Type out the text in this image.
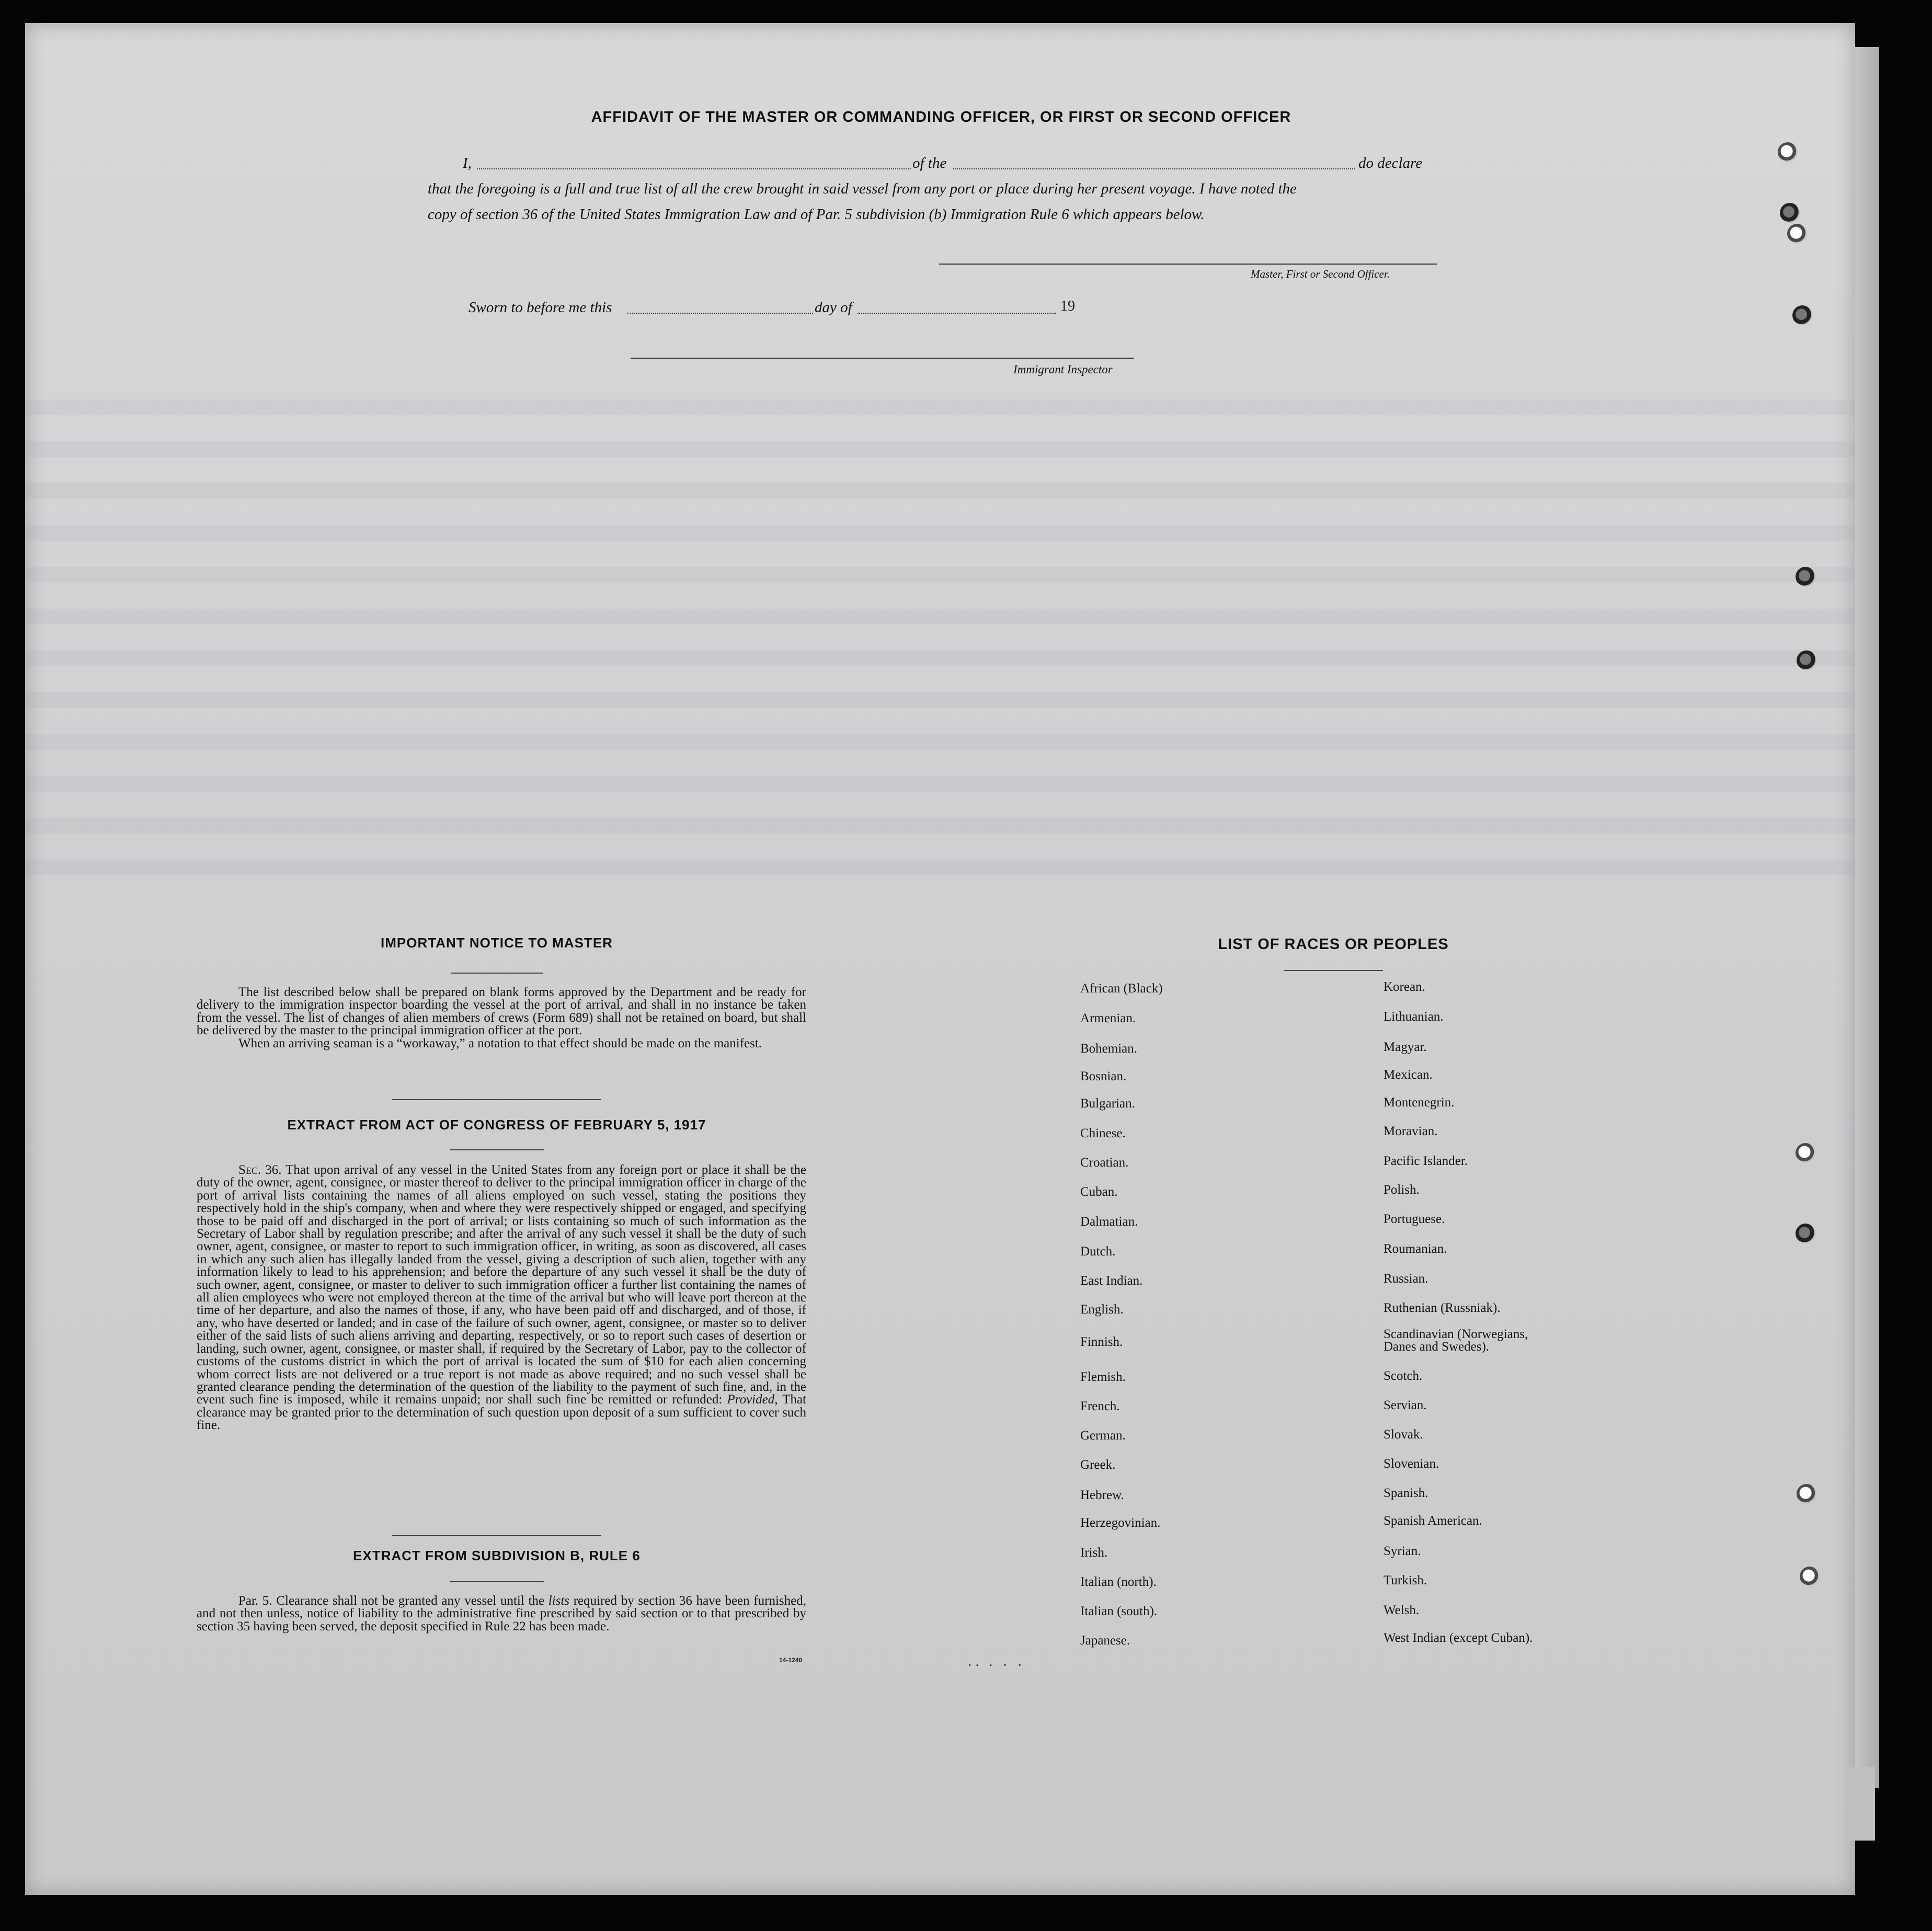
AFFIDAVIT OF THE MASTER OR COMMANDING OFFICER, OR FIRST OR SECOND OFFICER
I,	of the	do declare
that the foregoing is a full and true list of all the crew brought in said vessel from any port or place during her present voyage. I have noted the
copy of section 36 of the United States Immigration Law and of Par. 5 subdivision (b) Immigration Rule 6 which appears below.
Master, First or Second Officer.
Sworn to before me this	day of	19
Immigrant Inspector
IMPORTANT NOTICE TO MASTER

The list described below shall be prepared on blank forms approved by the Department and be ready for delivery to the immigration inspector boarding the vessel at the port of arrival, and shall in no instance be taken from the vessel. The list of changes of alien members of crews (Form 689) shall not be retained on board, but shall be delivered by the master to the principal immigration officer at the port.

When an arriving seaman is a “workaway,” a notation to that effect should be made on the manifest.

EXTRACT FROM ACT OF CONGRESS OF FEBRUARY 5, 1917

Sec. 36. That upon arrival of any vessel in the United States from any foreign port or place it shall be the duty of the owner, agent, consignee, or master thereof to deliver to the principal immigration officer in charge of the port of arrival lists containing the names of all aliens employed on such vessel, stating the positions they respectively hold in the ship's company, when and where they were respectively shipped or engaged, and specifying those to be paid off and discharged in the port of arrival; or lists containing so much of such information as the Secretary of Labor shall by regulation prescribe; and after the arrival of any such vessel it shall be the duty of such owner, agent, consignee, or master to report to such immigration officer, in writing, as soon as discovered, all cases in which any such alien has illegally landed from the vessel, giving a description of such alien, together with any information likely to lead to his apprehension; and before the departure of any such vessel it shall be the duty of such owner, agent, consignee, or master to deliver to such immigration officer a further list containing the names of all alien employees who were not employed thereon at the time of the arrival but who will leave port thereon at the time of her departure, and also the names of those, if any, who have been paid off and discharged, and of those, if any, who have deserted or landed; and in case of the failure of such owner, agent, consignee, or master so to deliver either of the said lists of such aliens arriving and departing, respectively, or so to report such cases of desertion or landing, such owner, agent, consignee, or master shall, if required by the Secretary of Labor, pay to the collector of customs of the customs district in which the port of arrival is located the sum of $10 for each alien concerning whom correct lists are not delivered or a true report is not made as above required; and no such vessel shall be granted clearance pending the determination of the question of the liability to the payment of such fine, and, in the event such fine is imposed, while it remains unpaid; nor shall such fine be remitted or refunded: Provided, That clearance may be granted prior to the determination of such question upon deposit of a sum sufficient to cover such fine.

EXTRACT FROM SUBDIVISION B, RULE 6

Par. 5. Clearance shall not be granted any vessel until the lists required by section 36 have been furnished, and not then unless, notice of liability to the administrative fine prescribed by said section or to that prescribed by section 35 having been served, the deposit specified in Rule 22 has been made.

14-1240
LIST OF RACES OR PEOPLES
African (Black)
Armenian.
Bohemian.
Bosnian.
Bulgarian.
Chinese.
Croatian.
Cuban.
Dalmatian.
Dutch.
East Indian.
English.
Finnish.
Flemish.
French.
German.
Greek.
Hebrew.
Herzegovinian.
Irish.
Italian (north).
Italian (south).
Japanese.
Korean.
Lithuanian.
Magyar.
Mexican.
Montenegrin.
Moravian.
Pacific Islander.
Polish.
Portuguese.
Roumanian.
Russian.
Ruthenian (Russniak).
Scandinavian (Norwegians, Danes and Swedes).
Scotch.
Servian.
Slovak.
Slovenian.
Spanish.
Spanish American.
Syrian.
Turkish.
Welsh.
West Indian (except Cuban).
·∙ ∙ · ·
